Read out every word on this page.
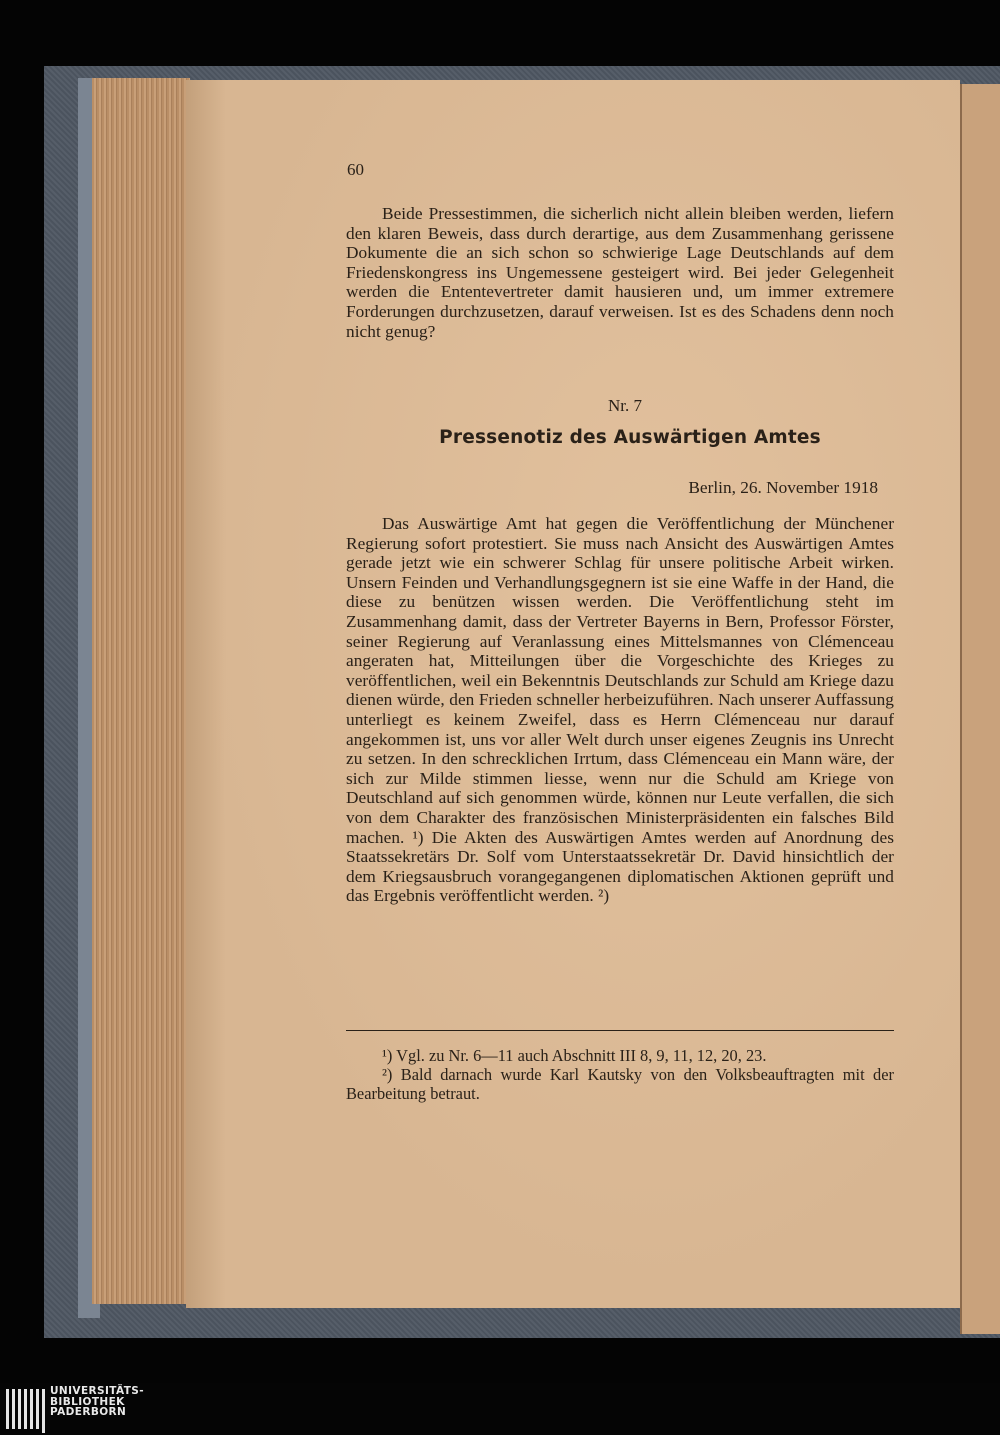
60

Beide Pressestimmen, die sicherlich nicht allein bleiben werden, liefern den klaren Beweis, dass durch derartige, aus dem Zusammenhang gerissene Dokumente die an sich schon so schwierige Lage Deutschlands auf dem Friedenskongress ins Ungemessene gesteigert wird. Bei jeder Gelegenheit werden die Ententevertreter damit hausieren und, um immer extremere Forderungen durchzusetzen, darauf verweisen. Ist es des Schadens denn noch nicht genug?

Nr. 7
Pressenotiz des Auswärtigen Amtes
Berlin, 26. November 1918

Das Auswärtige Amt hat gegen die Veröffentlichung der Münchener Regierung sofort protestiert. Sie muss nach Ansicht des Auswärtigen Amtes gerade jetzt wie ein schwerer Schlag für unsere politische Arbeit wirken. Unsern Feinden und Verhandlungsgegnern ist sie eine Waffe in der Hand, die diese zu benützen wissen werden. Die Veröffentlichung steht im Zusammenhang damit, dass der Vertreter Bayerns in Bern, Professor Förster, seiner Regierung auf Veranlassung eines Mittelsmannes von Clémenceau angeraten hat, Mitteilungen über die Vorgeschichte des Krieges zu veröffentlichen, weil ein Bekenntnis Deutschlands zur Schuld am Kriege dazu dienen würde, den Frieden schneller herbeizuführen. Nach unserer Auffassung unterliegt es keinem Zweifel, dass es Herrn Clémenceau nur darauf angekommen ist, uns vor aller Welt durch unser eigenes Zeugnis ins Unrecht zu setzen. In den schrecklichen Irrtum, dass Clémenceau ein Mann wäre, der sich zur Milde stimmen liesse, wenn nur die Schuld am Kriege von Deutschland auf sich genommen würde, können nur Leute verfallen, die sich von dem Charakter des französischen Ministerpräsidenten ein falsches Bild machen. ¹) Die Akten des Auswärtigen Amtes werden auf Anordnung des Staatssekretärs Dr. Solf vom Unterstaatssekretär Dr. David hinsichtlich der dem Kriegsausbruch vorangegangenen diplomatischen Aktionen geprüft und das Ergebnis veröffentlicht werden. ²)

¹) Vgl. zu Nr. 6—11 auch Abschnitt III 8, 9, 11, 12, 20, 23.

²) Bald darnach wurde Karl Kautsky von den Volksbeauftragten mit der Bearbeitung betraut.

UNIVERSITÄTS-
BIBLIOTHEK
PADERBORN
